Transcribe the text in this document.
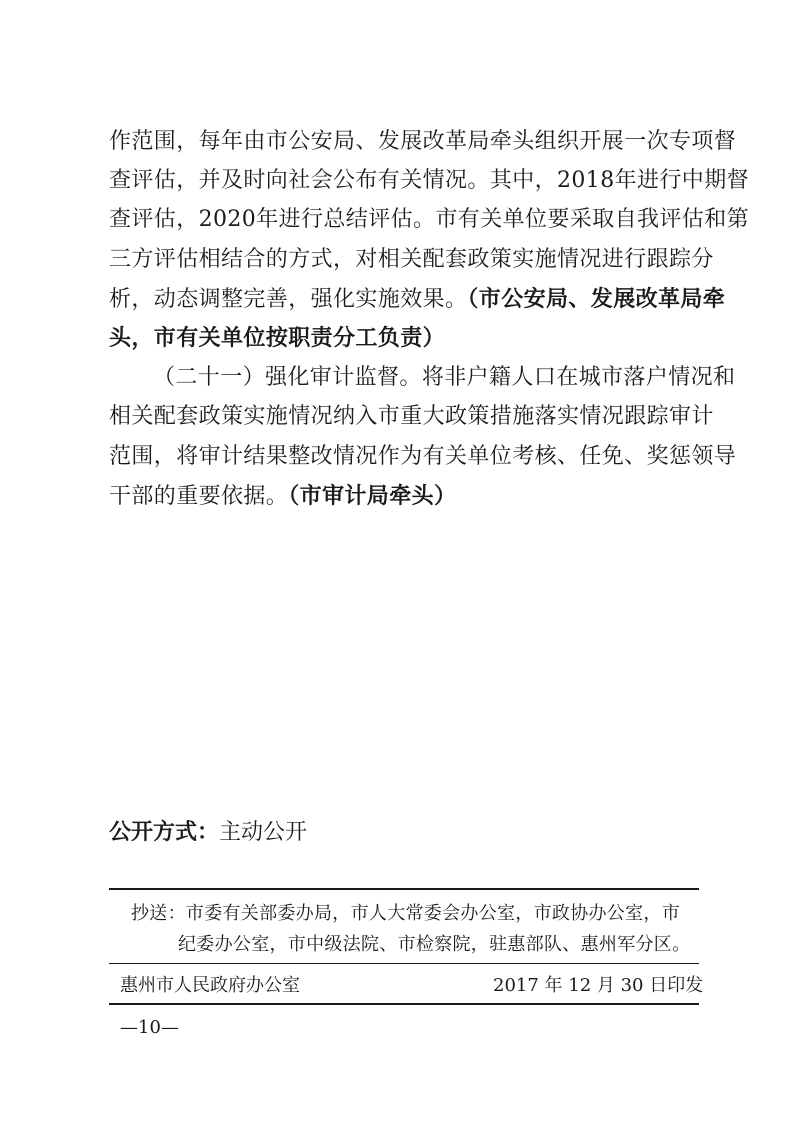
作范围，每年由市公安局、发展改革局牵头组织开展一次专项督
查评估，并及时向社会公布有关情况。其中，2018年进行中期督
查评估，2020年进行总结评估。市有关单位要采取自我评估和第
三方评估相结合的方式，对相关配套政策实施情况进行跟踪分
析，动态调整完善，强化实施效果。（市公安局、发展改革局牵
头，市有关单位按职责分工负责）
（二十一）强化审计监督。将非户籍人口在城市落户情况和
相关配套政策实施情况纳入市重大政策措施落实情况跟踪审计
范围，将审计结果整改情况作为有关单位考核、任免、奖惩领导
干部的重要依据。（市审计局牵头）
公开方式：主动公开
抄送：市委有关部委办局，市人大常委会办公室，市政协办公室，市
纪委办公室，市中级法院、市检察院，驻惠部队、惠州军分区。
惠州市人民政府办公室	2017 年 12 月 30 日印发
—10—
